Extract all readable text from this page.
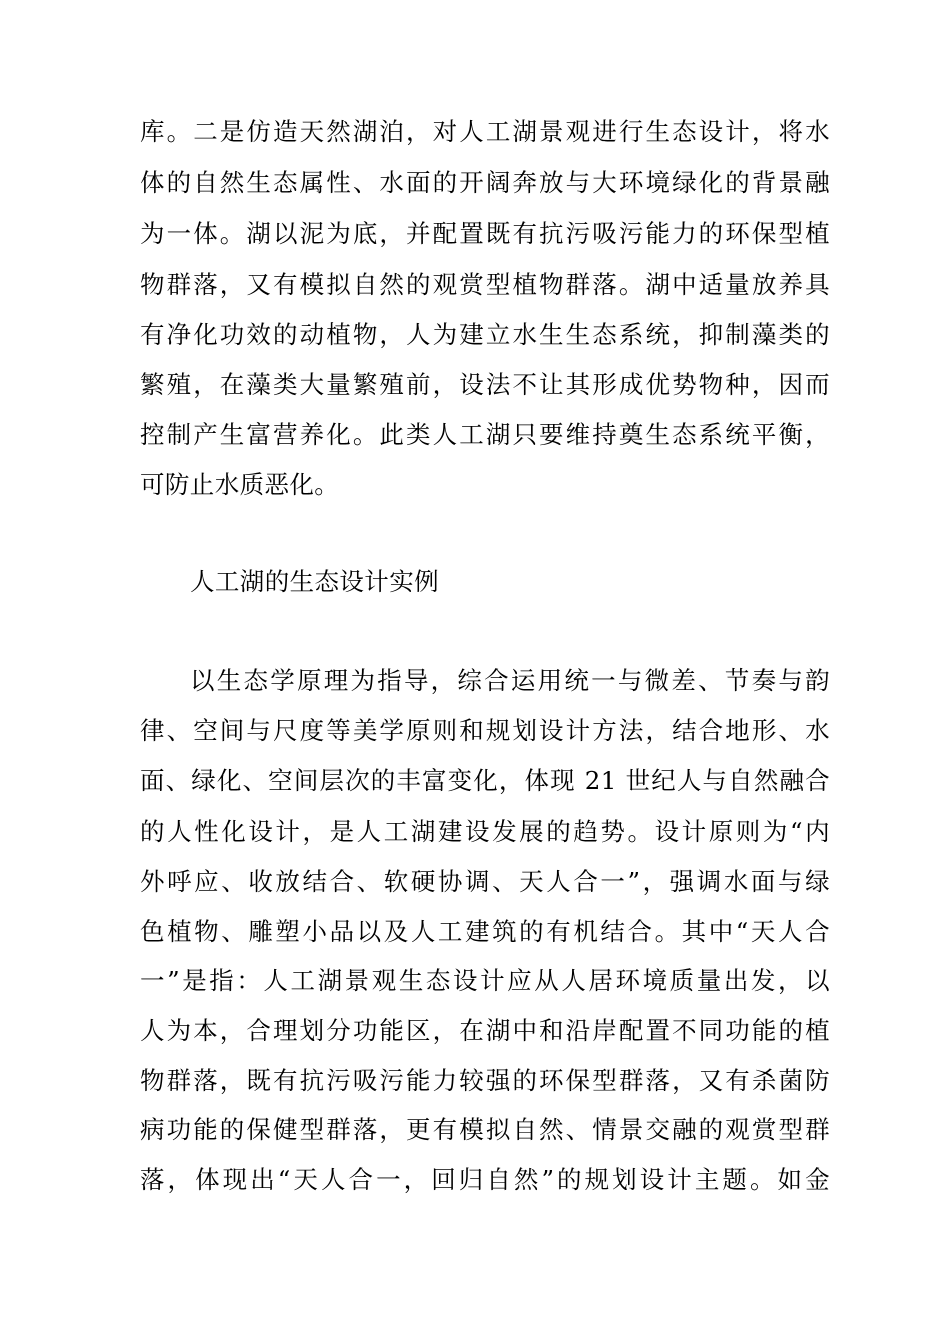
库。二是仿造天然湖泊，对人工湖景观进行生态设计，将水
体的自然生态属性、水面的开阔奔放与大环境绿化的背景融
为一体。湖以泥为底，并配置既有抗污吸污能力的环保型植
物群落，又有模拟自然的观赏型植物群落。湖中适量放养具
有净化功效的动植物，人为建立水生生态系统，抑制藻类的
繁殖，在藻类大量繁殖前，设法不让其形成优势物种，因而
控制产生富营养化。此类人工湖只要维持奠生态系统平衡，
可防止水质恶化。
人工湖的生态设计实例
以生态学原理为指导，综合运用统一与微差、节奏与韵
律、空间与尺度等美学原则和规划设计方法，结合地形、水
面、绿化、空间层次的丰富变化，体现 21 世纪人与自然融合
的人性化设计，是人工湖建设发展的趋势。设计原则为“内
外呼应、收放结合、软硬协调、天人合一”，强调水面与绿
色植物、雕塑小品以及人工建筑的有机结合。其中“天人合
一”是指：人工湖景观生态设计应从人居环境质量出发，以
人为本，合理划分功能区，在湖中和沿岸配置不同功能的植
物群落，既有抗污吸污能力较强的环保型群落，又有杀菌防
病功能的保健型群落，更有模拟自然、情景交融的观赏型群
落，体现出“天人合一，回归自然”的规划设计主题。如金
